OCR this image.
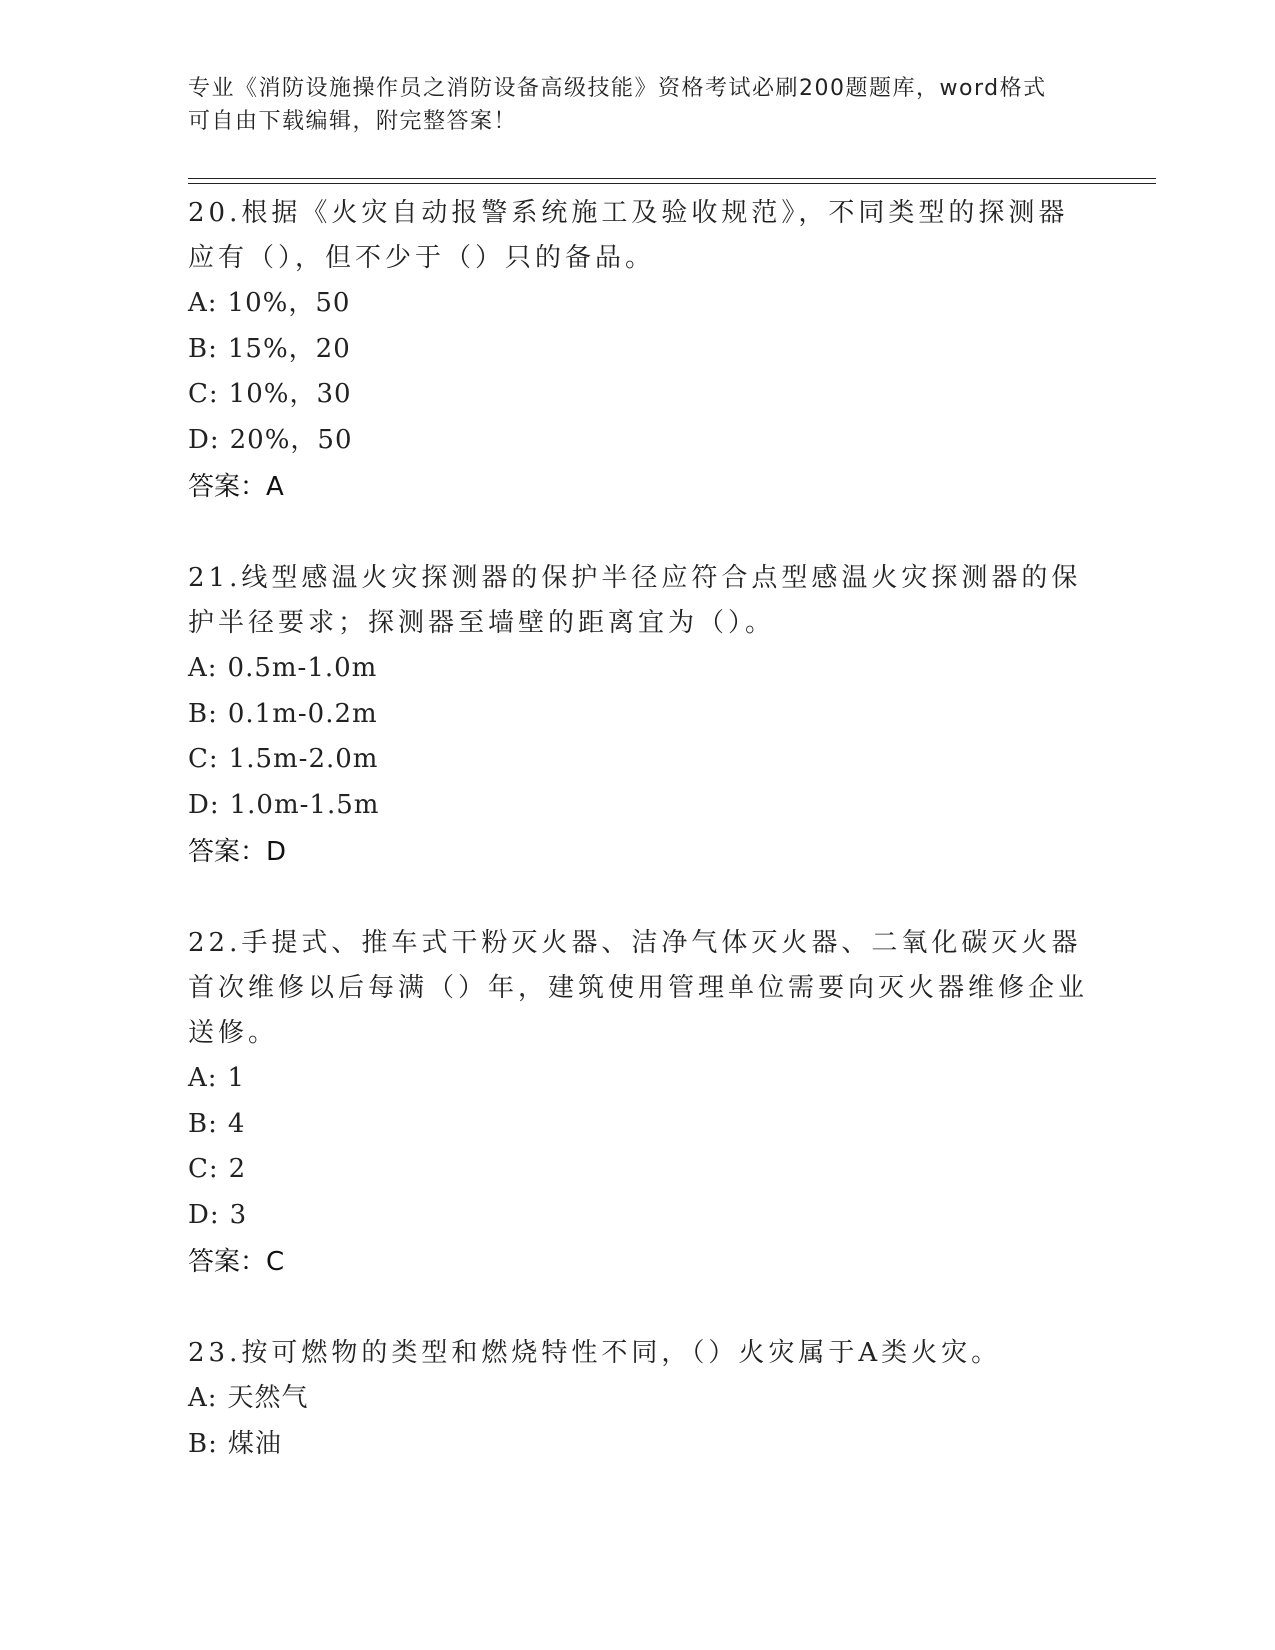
专业《消防设施操作员之消防设备高级技能》资格考试必刷200题题库，word格式可自由下载编辑，附完整答案！
20.根据《火灾自动报警系统施工及验收规范》，不同类型的探测器应有（），但不少于（）只的备品。
A: 10%，50
B: 15%，20
C: 10%，30
D: 20%，50
答案：A
21.线型感温火灾探测器的保护半径应符合点型感温火灾探测器的保护半径要求；探测器至墙壁的距离宜为（）。
A: 0.5m-1.0m
B: 0.1m-0.2m
C: 1.5m-2.0m
D: 1.0m-1.5m
答案：D
22.手提式、推车式干粉灭火器、洁净气体灭火器、二氧化碳灭火器首次维修以后每满（）年，建筑使用管理单位需要向灭火器维修企业送修。
A: 1
B: 4
C: 2
D: 3
答案：C
23.按可燃物的类型和燃烧特性不同，（）火灾属于A类火灾。
A: 天然气
B: 煤油
